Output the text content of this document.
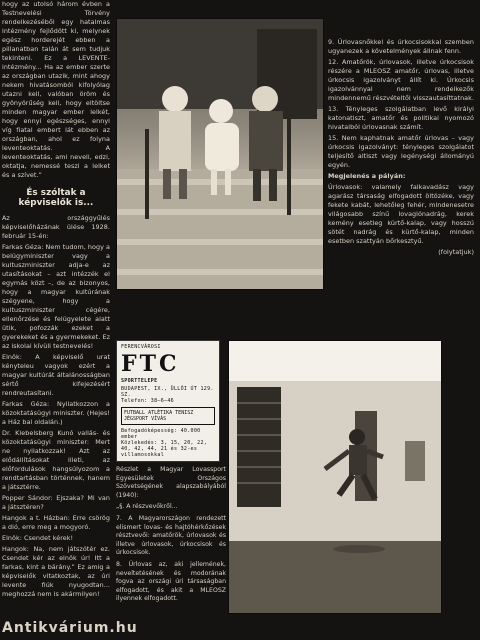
hogy az utolsó három évben a Testnevelési Törvény rendelkezéséből egy hatalmas intézmény fejlődött ki, melynek egész horderejét ebben a pillanatban talán át sem tudjuk tekinteni. Ez a LEVENTE-intézmény... Ha az ember szerte az országban utazik, mint ahogy nekem hivatásomból kifolyólag utazni kell, valóban öröm és gyönyörűség kell, hogy eltöltse minden magyar ember lelkét, hogy ennyi egészséges, ennyi víg fiatal embert lát ebben az országban, ahol ez folyna leventeoktatás. A leventeoktatás, ami neveli, edzi, oktatja, nemessé teszi a lelket és a szívet.”

És szóltak a képviselők is...

Az országgyűlés képviselőházának ülése 1928. február 15-én:

Farkas Géza: Nem tudom, hogy a belügyminiszter vagy a kultuszminiszter adja-e az utasításokat – azt intézzék el egymás közt –, de az bizonyos, hogy a magyar kultúrának szégyene, hogy a kultuszminiszter cégére, ellenőrzése és felügyelete alatt ütik, pofozzák ezeket a gyerekeket és a gyermekeket. Ez az iskolai kívüli testnevelés!

Elnök: A képviselő urat kényteleu vagyok ezért a magyar kultúrát általánosságban sértő kifejezésért rendreutasítani.

Farkas Géza: Nyilatkozzon a közoktatásügyi miniszter. (Hejes! a Ház bal oldalán.)

Dr. Klebelsberg Kunó vallás- és közoktatásügyi miniszter: Mert ne nyilatkozzak! Azt az elődállításokat illeti, az előfordulások hangsúlyozom a rendtartásban történnek, hanem a játsztérre.

Popper Sándor: Ejszaka? Mi van a játsztéren?

Hangok a t. Házban: Erre csörög a dió, erre meg a mogyoró.

Elnök: Csendet kérek!

Hangok: Na, nem játszótér ez. Csendet kér az elnök úr! Itt a farkas, kint a bárány.” Ez amig a képviselők vitatkoztak, az úri levente fiúk nyugodtan... meghozzá nem is akármilyen!

9. Úrlovasnőkkel és úrkocsisokkal szemben ugyanezek a követelmények állnak fenn.

12. Amatőrök, úrlovasok, illetve úrkocsisok részére a MLEOSZ amatőr, úrlovas, illetve úrkocsis igazolványt állít ki. Úrkocsis igazolvánnyal nem rendelkezők mindennemű részvételtől visszautasíttatnak.

13. Tényleges szolgálatban levő királyi katonatiszt, amatőr és politikai nyomozó hivatalból úrlovasnak számít.

15. Nem kaphatnak amatőr úrlovas – vagy úrkocsis igazolványt: tényleges szolgálatot teljesítő altiszt vagy legénységi állományú egyén.

Megjelenés a pályán:

Úrlovasok: valamely falkavadász vagy agarász társaság elfogadott öltözéke, vagy fekete kabát, lehetőleg fehér, mindenesetre világosabb színű lovaglónadrág, kerek kemény esetleg kürtő-kalap, vagy hosszú sötét nadrág és kürtő-kalap, minden esetben szattyán bőrkesztyű.

(folytatjuk)

FERENCVÁROSI
FTC
SPORTTELEPE
BUDAPEST, IX., ÜLLŐI ÚT 129. SZ.
Telefon: 38–6–46
FUTBALL ATLÉTIKA TENISZ JÉGSPORT VÍVÁS
Befogadóképesség: 40.000 ember
Közlekedés: 3, 15, 20, 22, 40, 42, 44, 21 és 32-es villamosokkal

Részlet a Magyar Lovassport Egyesületek Országos Szövetségének alapszabályából (1940):

„§. A részvevőkről...

7. A Magyarországon rendezett elismert lovas- és hajtóhérkőzések résztvevői: amatőrök, úrlovasok és illetve úrlovasok, úrkocsisok és úrkocsisok.

8. Úrlovas az, aki jellemének, neveltetésének és modorának fogva az országi úri társaságban elfogadott, és akit a MLEOSZ ilyennek elfogadott.

Antikvárium.hu
